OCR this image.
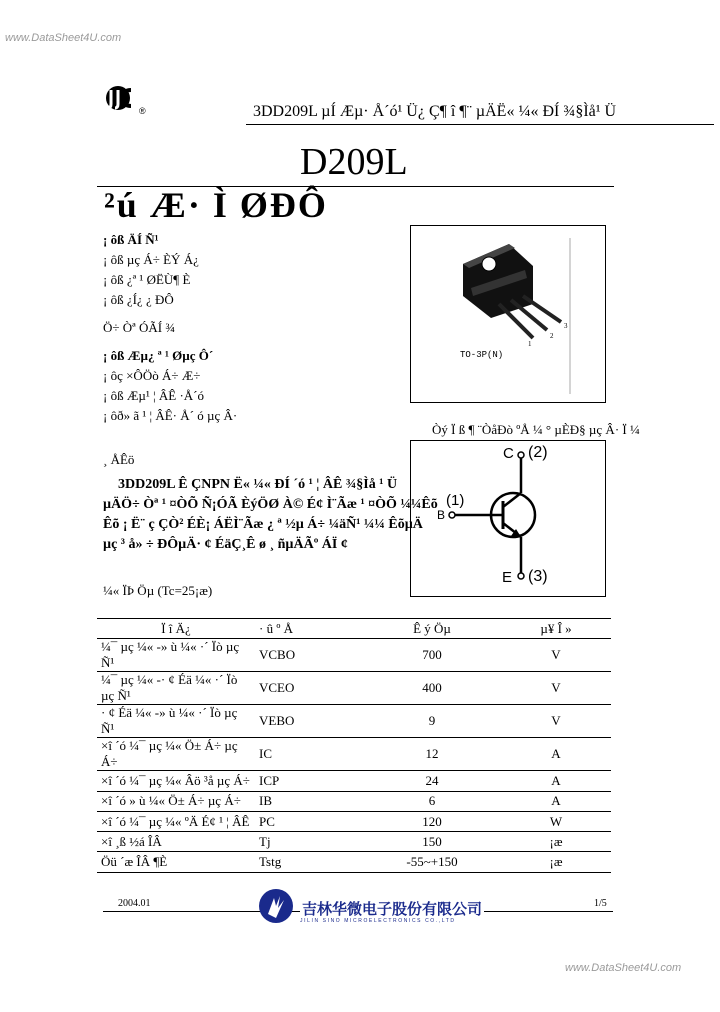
www.DataSheet4U.com
www.DataSheet4U.com
®	3DD209L µÍ Æµ· Å´ó¹ Ü¿ Ç¶ î ¶¨ µÄË« ¼« ÐÍ ¾§Ìå¹ Ü
D209L
²ú Æ· Ì ØÐÔ
1
2
3
TO-3P(N)
¡ ôß ÄÍ Ñ¹
¡ ôß µç Á÷ ÈÝ Á¿
¡ ôß ¿ª ¹ ØËÙ¶ È
¡ ôß ¿Í¿ ¿ ÐÔ
Ö÷ Òª ÓÃÍ ¾
¡ ôß Æµ¿ ª ¹ Øµç Ô´
¡ ôç ×ÔÖò Á÷ Æ÷
¡ ôß Æµ¹ ¦ ÂÊ ·Å´ó
¡ ôð» ã ¹ ¦ ÂÊ· Å´ ó µç Â·
¸ ÅÊö
3DD209L Ê ÇNPN Ë« ¼« ÐÍ ´ó ¹ ¦ ÂÊ ¾§Ìå ¹ Ü
µÄÖ÷ Òª ¹ ¤ÒÕ Ñ¡ÓÃ ÈýÖØ À© É¢ Ì¨Ãæ ¹ ¤ÒÕ ¼¼Êõ
Êõ ¡ Ë¨ ç ÇÒ² ÉÈ¡ ÁËÌ¨Ãæ ¿ ª ½µ Á÷ ¼äÑ¹ ¼¼ ÊõµÄ
µç ³ å» ÷ ÐÔµÄ· ¢ ÉäÇ¸Ê ø ¸ ñµÄÃº ÁÏ ¢
Òý Ï ß ¶ ¨ÒåÐò ºÅ ¼ ° µÈÐ§ µç Â· Ï ¼
C (2)
(1)
B
E (3)
¼« ÏÞ Öµ (Tc=25¡æ)
Ï î Ä¿	· û º Å	Ê ý Öµ	µ¥ Î »
¼¯ µç ¼« -» ù ¼« ·´ Ïò µç Ñ¹	VCBO	700	V
¼¯ µç ¼« -· ¢ Éä ¼« ·´ Ïò µç Ñ¹	VCEO	400	V
· ¢ Éä ¼« -» ù ¼« ·´ Ïò µç Ñ¹	VEBO	9	V
×î ´ó ¼¯ µç ¼« Ö± Á÷ µç Á÷	IC	12	A
×î ´ó ¼¯ µç ¼« Âö ³å µç Á÷	ICP	24	A
×î ´ó » ù ¼« Ö± Á÷ µç Á÷	IB	6	A
×î ´ó ¼¯ µç ¼« ºÄ É¢ ¹ ¦ ÂÊ	PC	120	W
×î ¸ß ½á ÎÂ	Tj	150	¡æ
Öü ´æ ÎÂ ¶È	Tstg	-55~+150	¡æ
2004.01	吉林华微电子股份有限公司
JILIN SINO MICROELECTRONICS CO.,LTD
1/5
